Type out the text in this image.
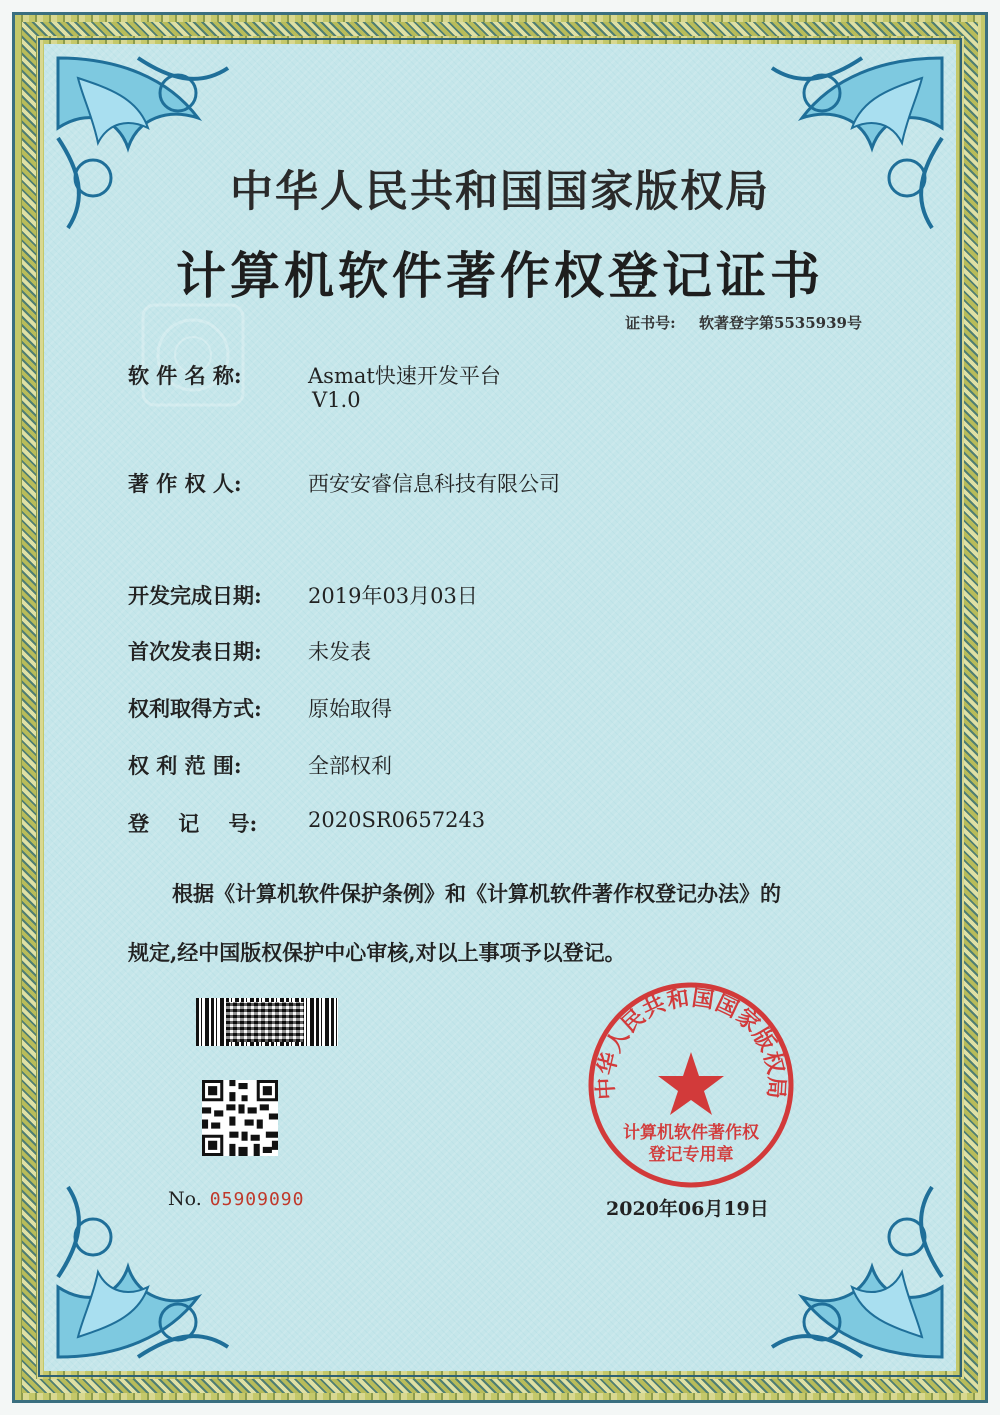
中华人民共和国国家版权局
计算机软件著作权登记证书
证书号: 软著登字第5535939号
软 件 名 称:	Asmat快速开发平台
V1.0
著 作 权 人:	西安安睿信息科技有限公司
开发完成日期: 2019年03月03日
首次发表日期: 未发表
权利取得方式: 原始取得
权 利 范 围:	全部权利
登    记    号: 2020SR0657243
根据《计算机软件保护条例》和《计算机软件著作权登记办法》的
规定,经中国版权保护中心审核,对以上事项予以登记。
No. 05909090
中华人民共和国国家版权局
计算机软件著作权
登记专用章
2020年06月19日
